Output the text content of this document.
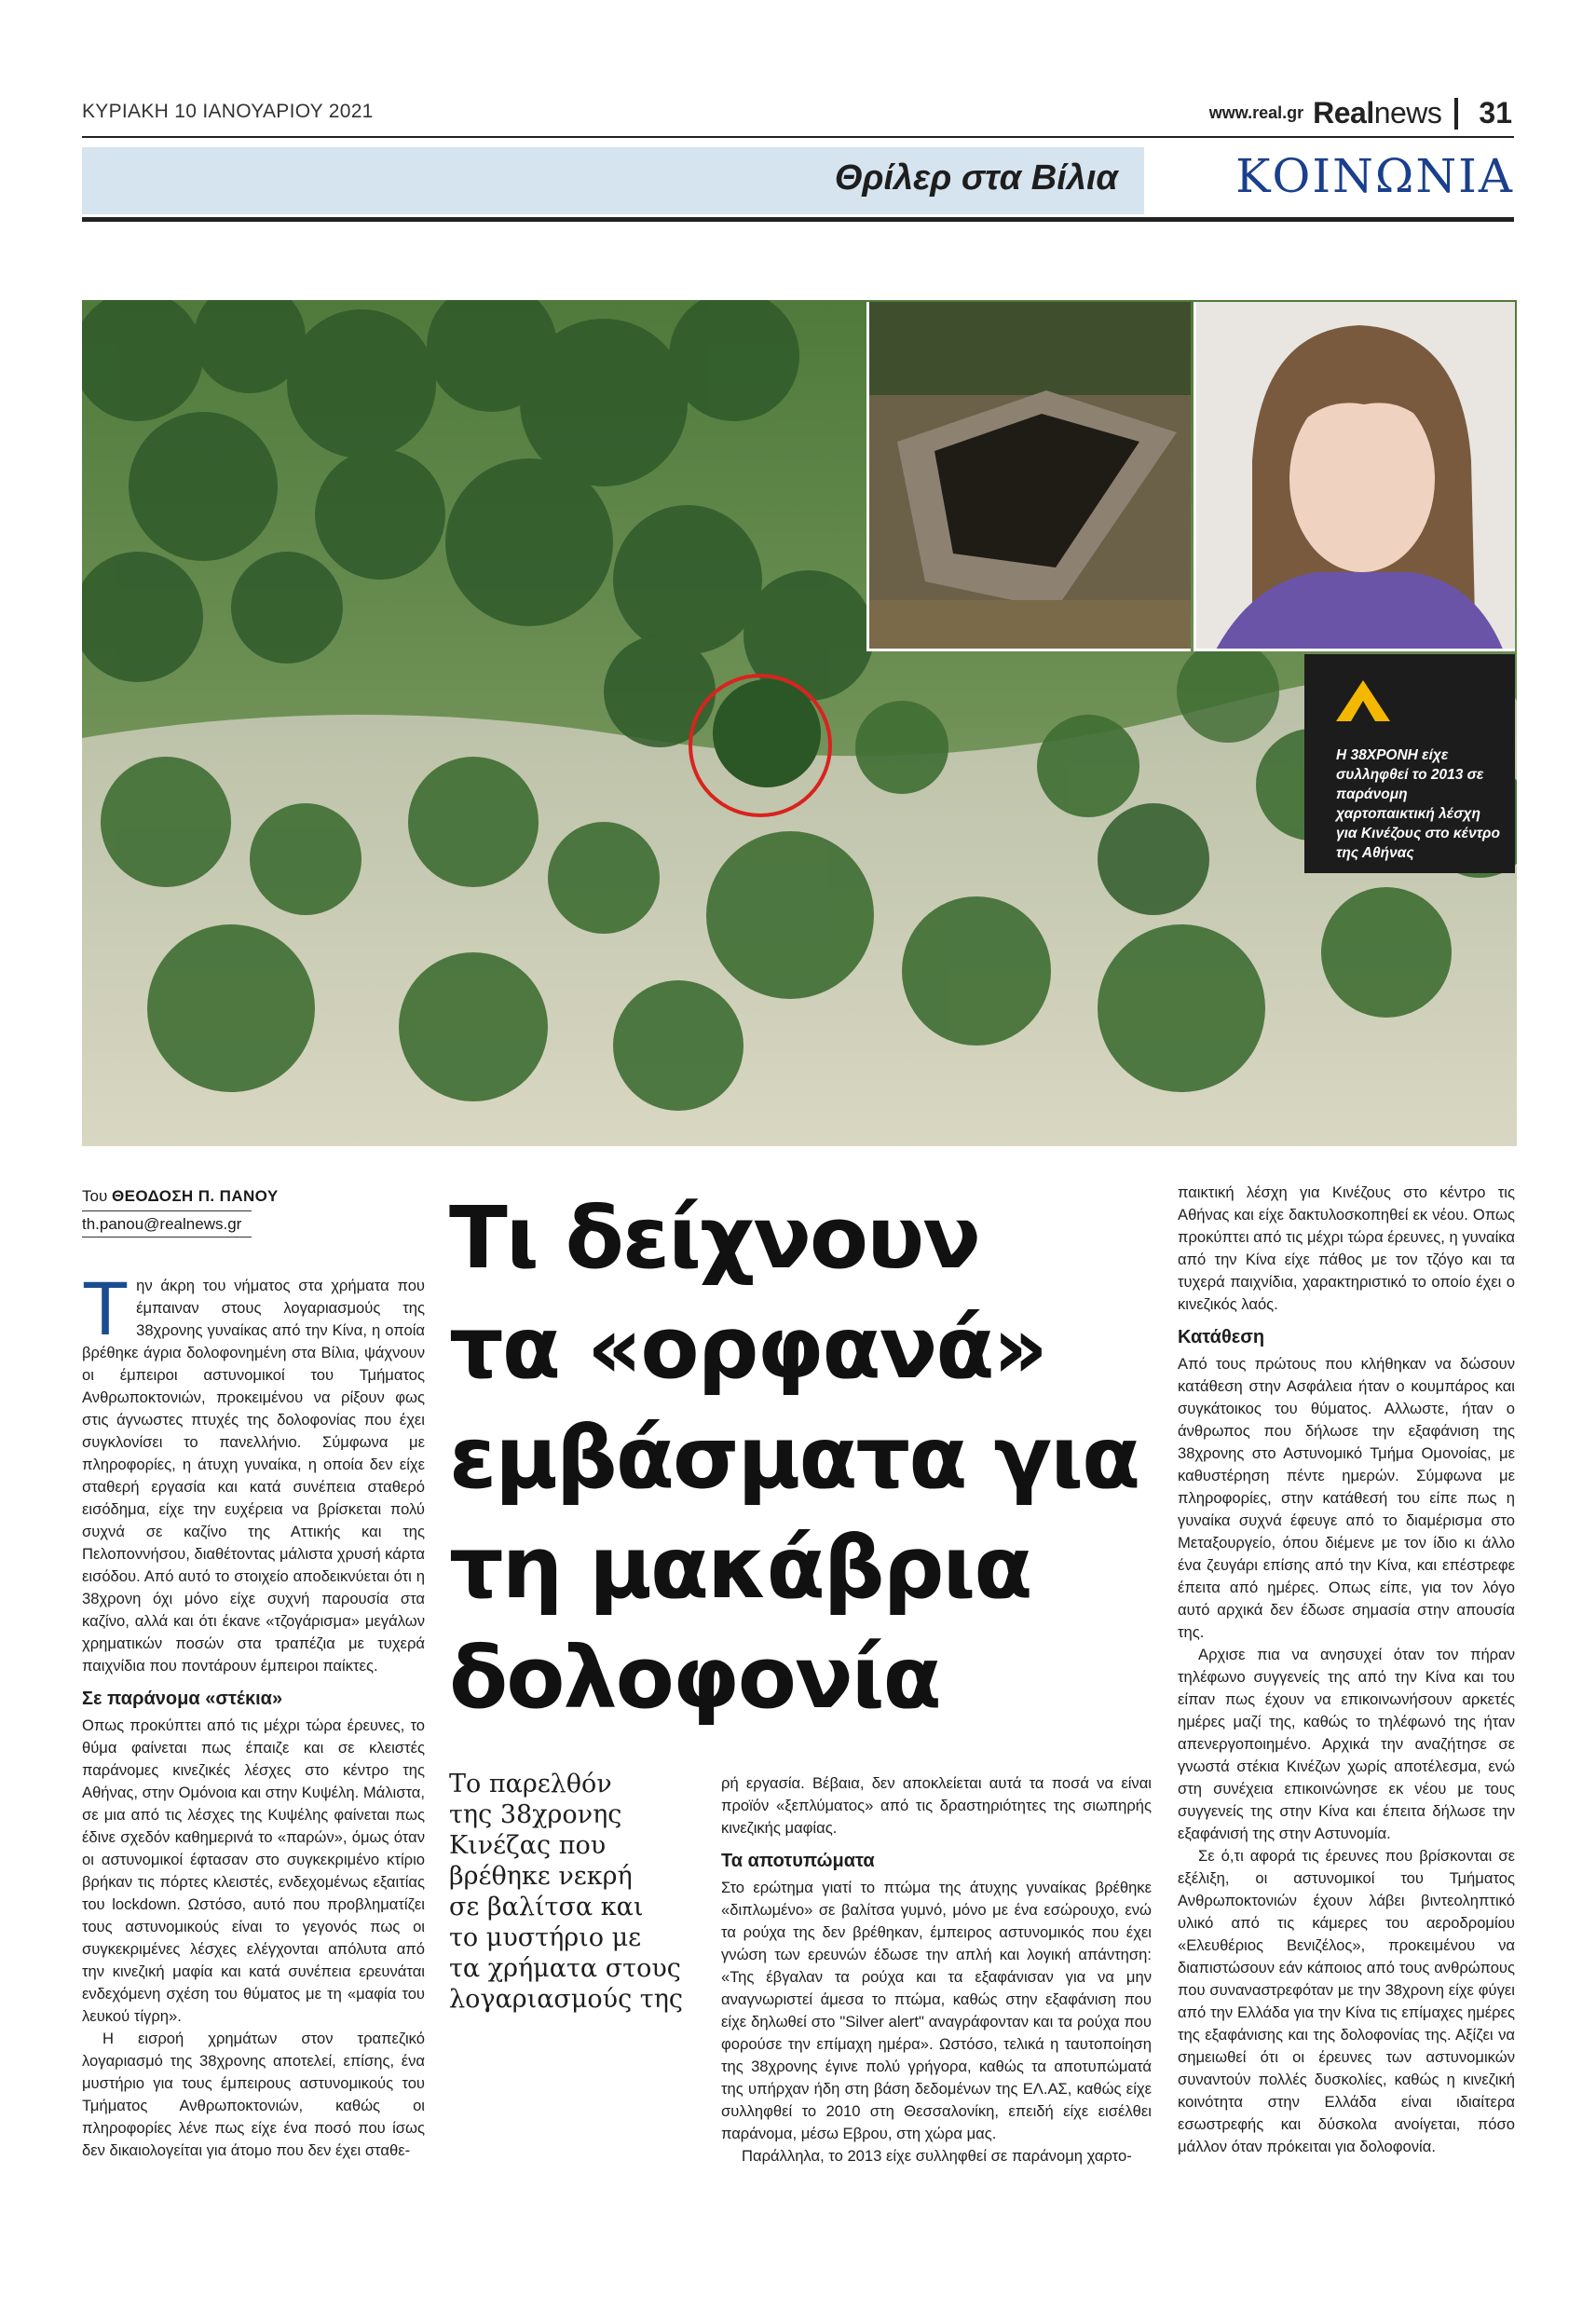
ΚΥΡΙΑΚΗ 10 ΙΑΝΟΥΑΡΙΟΥ 2021	www.real.gr Realnews 31
Θρίλερ στα Βίλια	ΚΟΙΝΩΝΙΑ
Η 38ΧΡΟΝΗ είχε συλληφθεί το 2013 σε παράνομη χαρτοπαικτική λέσχη για Κινέζους στο κέντρο της Αθήνας
Του ΘΕΟΔΟΣΗ Π. ΠΑΝΟΥ
th.panou@realnews.gr

Την άκρη του νήματος στα χρήματα που έμπαιναν στους λογαριασμούς της 38χρονης γυναίκας από την Κίνα, η οποία βρέθηκε άγρια δολοφονημένη στα Βίλια, ψάχνουν οι έμπειροι αστυνομικοί του Τμήματος Ανθρωποκτονιών, προκειμένου να ρίξουν φως στις άγνωστες πτυχές της δολοφονίας που έχει συγκλονίσει το πανελλήνιο. Σύμφωνα με πληροφορίες, η άτυχη γυναίκα, η οποία δεν είχε σταθερή εργασία και κατά συνέπεια σταθερό εισόδημα, είχε την ευχέρεια να βρίσκεται πολύ συχνά σε καζίνο της Αττικής και της Πελοποννήσου, διαθέτοντας μάλιστα χρυσή κάρτα εισόδου. Από αυτό το στοιχείο αποδεικνύεται ότι η 38χρονη όχι μόνο είχε συχνή παρουσία στα καζίνο, αλλά και ότι έκανε «τζογάρισμα» μεγάλων χρηματικών ποσών στα τραπέζια με τυχερά παιχνίδια που ποντάρουν έμπειροι παίκτες.

Σε παράνομα «στέκια»

Οπως προκύπτει από τις μέχρι τώρα έρευνες, το θύμα φαίνεται πως έπαιζε και σε κλειστές παράνομες κινεζικές λέσχες στο κέντρο της Αθήνας, στην Ομόνοια και στην Κυψέλη. Μάλιστα, σε μια από τις λέσχες της Κυψέλης φαίνεται πως έδινε σχεδόν καθημερινά το «παρών», όμως όταν οι αστυνομικοί έφτασαν στο συγκεκριμένο κτίριο βρήκαν τις πόρτες κλειστές, ενδεχομένως εξαιτίας του lockdown. Ωστόσο, αυτό που προβληματίζει τους αστυνομικούς είναι το γεγονός πως οι συγκεκριμένες λέσχες ελέγχονται απόλυτα από την κινεζική μαφία και κατά συνέπεια ερευνάται ενδεχόμενη σχέση του θύματος με τη «μαφία του λευκού τίγρη».

Η εισροή χρημάτων στον τραπεζικό λογαριασμό της 38χρονης αποτελεί, επίσης, ένα μυστήριο για τους έμπειρους αστυνομικούς του Τμήματος Ανθρωποκτονιών, καθώς οι πληροφορίες λένε πως είχε ένα ποσό που ίσως δεν δικαιολογείται για άτομο που δεν έχει σταθε-

Τι δείχνουν
τα «ορφανά»
εμβάσματα για
τη μακάβρια
δολοφονία
Το παρελθόν
της 38χρονης
Κινέζας που
βρέθηκε νεκρή
σε βαλίτσα και
το μυστήριο με
τα χρήματα στους
λογαριασμούς της

ρή εργασία. Βέβαια, δεν αποκλείεται αυτά τα ποσά να είναι προϊόν «ξεπλύματος» από τις δραστηριότητες της σιωπηρής κινεζικής μαφίας.

Τα αποτυπώματα

Στο ερώτημα γιατί το πτώμα της άτυχης γυναίκας βρέθηκε «διπλωμένο» σε βαλίτσα γυμνό, μόνο με ένα εσώρουχο, ενώ τα ρούχα της δεν βρέθηκαν, έμπειρος αστυνομικός που έχει γνώση των ερευνών έδωσε την απλή και λογική απάντηση: «Της έβγαλαν τα ρούχα και τα εξαφάνισαν για να μην αναγνωριστεί άμεσα το πτώμα, καθώς στην εξαφάνιση που είχε δηλωθεί στο "Silver alert" αναγράφονταν και τα ρούχα που φορούσε την επίμαχη ημέρα». Ωστόσο, τελικά η ταυτοποίηση της 38χρονης έγινε πολύ γρήγορα, καθώς τα αποτυπώματά της υπήρχαν ήδη στη βάση δεδομένων της ΕΛ.ΑΣ, καθώς είχε συλληφθεί το 2010 στη Θεσσαλονίκη, επειδή είχε εισέλθει παράνομα, μέσω Εβρου, στη χώρα μας.

Παράλληλα, το 2013 είχε συλληφθεί σε παράνομη χαρτο-

παικτική λέσχη για Κινέζους στο κέντρο τις Αθήνας και είχε δακτυλοσκοπηθεί εκ νέου. Οπως προκύπτει από τις μέχρι τώρα έρευνες, η γυναίκα από την Κίνα είχε πάθος με τον τζόγο και τα τυχερά παιχνίδια, χαρακτηριστικό το οποίο έχει ο κινεζικός λαός.

Κατάθεση

Από τους πρώτους που κλήθηκαν να δώσουν κατάθεση στην Ασφάλεια ήταν ο κουμπάρος και συγκάτοικος του θύματος. Αλλωστε, ήταν ο άνθρωπος που δήλωσε την εξαφάνιση της 38χρονης στο Αστυνομικό Τμήμα Ομονοίας, με καθυστέρηση πέντε ημερών. Σύμφωνα με πληροφορίες, στην κατάθεσή του είπε πως η γυναίκα συχνά έφευγε από το διαμέρισμα στο Μεταξουργείο, όπου διέμενε με τον ίδιο κι άλλο ένα ζευγάρι επίσης από την Κίνα, και επέστρεφε έπειτα από ημέρες. Οπως είπε, για τον λόγο αυτό αρχικά δεν έδωσε σημασία στην απουσία της.

Αρχισε πια να ανησυχεί όταν τον πήραν τηλέφωνο συγγενείς της από την Κίνα και του είπαν πως έχουν να επικοινωνήσουν αρκετές ημέρες μαζί της, καθώς το τηλέφωνό της ήταν απενεργοποιημένο. Αρχικά την αναζήτησε σε γνωστά στέκια Κινέζων χωρίς αποτέλεσμα, ενώ στη συνέχεια επικοινώνησε εκ νέου με τους συγγενείς της στην Κίνα και έπειτα δήλωσε την εξαφάνισή της στην Αστυνομία.

Σε ό,τι αφορά τις έρευνες που βρίσκονται σε εξέλιξη, οι αστυνομικοί του Τμήματος Ανθρωποκτονιών έχουν λάβει βιντεοληπτικό υλικό από τις κάμερες του αεροδρομίου «Ελευθέριος Βενιζέλος», προκειμένου να διαπιστώσουν εάν κάποιος από τους ανθρώπους που συναναστρεφόταν με την 38χρονη είχε φύγει από την Ελλάδα για την Κίνα τις επίμαχες ημέρες της εξαφάνισης και της δολοφονίας της. Αξίζει να σημειωθεί ότι οι έρευνες των αστυνομικών συναντούν πολλές δυσκολίες, καθώς η κινεζική κοινότητα στην Ελλάδα είναι ιδιαίτερα εσωστρεφής και δύσκολα ανοίγεται, πόσο μάλλον όταν πρόκειται για δολοφονία.
